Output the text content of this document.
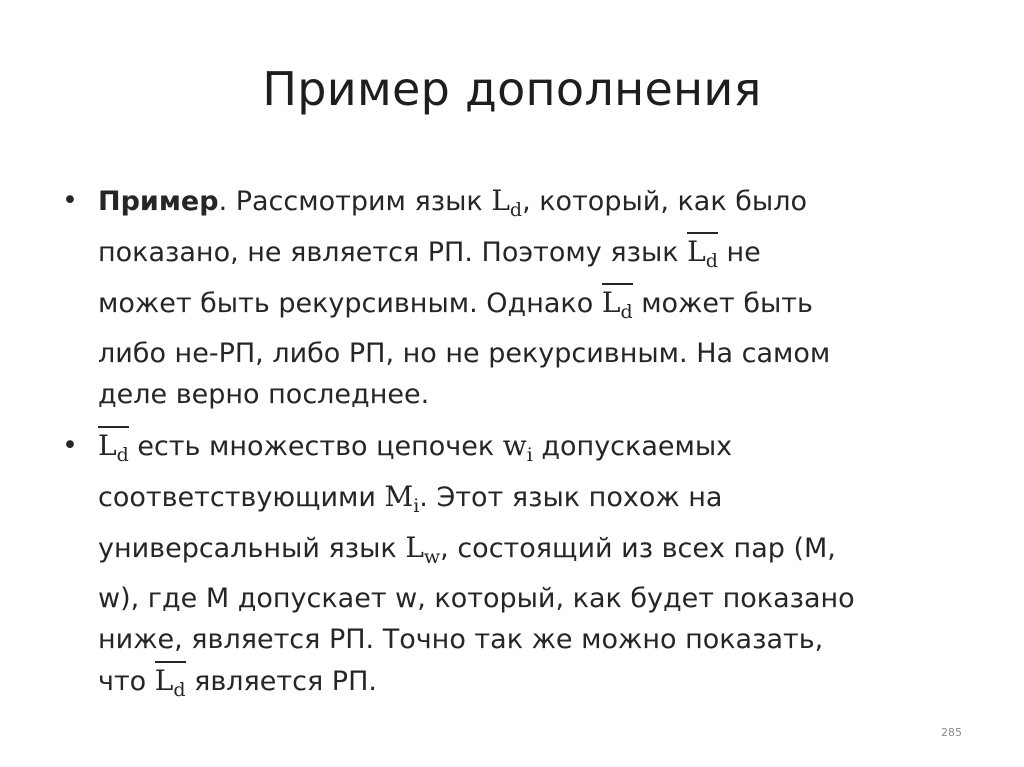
Пример дополнения
• Пример. Рассмотрим язык $L_d$, который, как было
показано, не является РП. Поэтому язык $L_d$ не
может быть рекурсивным. Однако $L_d$ может быть
либо не-РП, либо РП, но не рекурсивным. На самом
деле верно последнее.
• $L_d$ есть множество цепочек $w_i$ допускаемых
соответствующими $M_i$. Этот язык похож на
универсальный язык $L_w$, состоящий из всех пар (M,
w), где M допускает w, который, как будет показано
ниже, является РП. Точно так же можно показать,
что $L_d$ является РП.
285
